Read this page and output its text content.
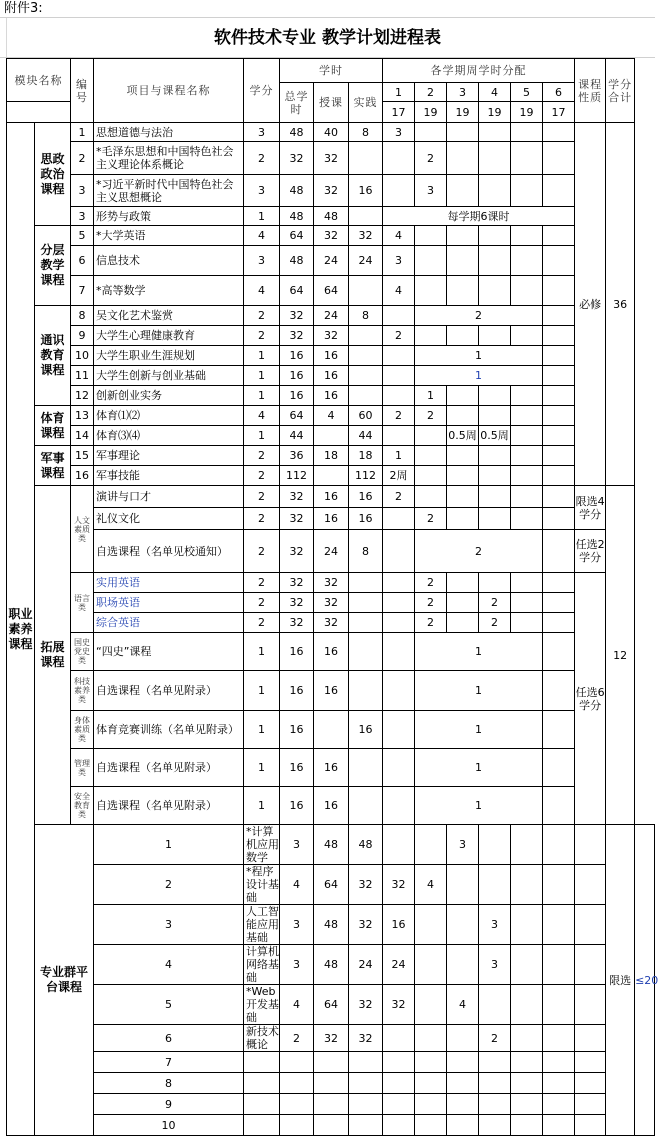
附件3:
软件技术专业 教学计划进程表
模块名称		编号	项目与课程名称	学分	学时			各学期周学时分配						课程性质	学分合计	
					总学时	授课	实践	1	2	3	4	5	6			
								17	19	19	19	19	17			
职业素养课程	思政政治课程	1	思想道德与法治	3	48	40	8	3						必修	36	
		2	*毛泽东思想和中国特色社会主义理论体系概论	2	32	32			2							
		3	*习近平新时代中国特色社会主义思想概论	3	48	32	16		3							
		3	形势与政策	1	48	48		每学期6课时								
	分层教学课程	5	*大学英语	4	64	32	32	4								
		6	信息技术	3	48	24	24	3								
		7	*高等数学	4	64	64		4								
	通识教育课程	8	吴文化艺术鉴赏	2	32	24	8		2							
		9	大学生心理健康教育	2	32	32		2								
		10	大学生职业生涯规划	1	16	16			1							
		11	大学生创新与创业基础	1	16	16			1							
		12	创新创业实务	1	16	16			1							
	体育课程	13	体育⑴⑵	4	64	4	60	2	2							
		14	体育⑶⑷	1	44		44			0.5周	0.5周					
	军事课程	15	军事理论	2	36	18	18	1								
		16	军事技能	2	112		112	2周								
	拓展课程	人文素质类	演讲与口才	2	32	16	16	2						限选4学分	12	
			礼仪文化	2	32	16	16		2							
			自选课程（名单见校通知）	2	32	24	8		2					任选2学分		
		语言类	实用英语	2	32	32			2					任选6学分		
			职场英语	2	32	32			2		2					
			综合英语	2	32	32			2		2					
		国史党史类	“四史”课程	1	16	16			1							
		科技素养类	自选课程（名单见附录）	1	16	16			1							
		身体素质类	体育竞赛训练（名单见附录）	1	16		16		1							
		管理类	自选课程（名单见附录）	1	16	16			1							
		安全教育类	自选课程（名单见附录）	1	16	16			1							
	专业群平台课程		1	*计算机应用数学	3	48	48			3					限选	≤20
			2	*程序设计基础	4	64	32	32	4							
			3	人工智能应用基础	3	48	32	16			3					
			4	计算机网络基础	3	48	24	24			3					
			5	*Web开发基础	4	64	32	32		4						
			6	新技术概论	2	32	32				2					
			7													
			8													
			9													
			10													
